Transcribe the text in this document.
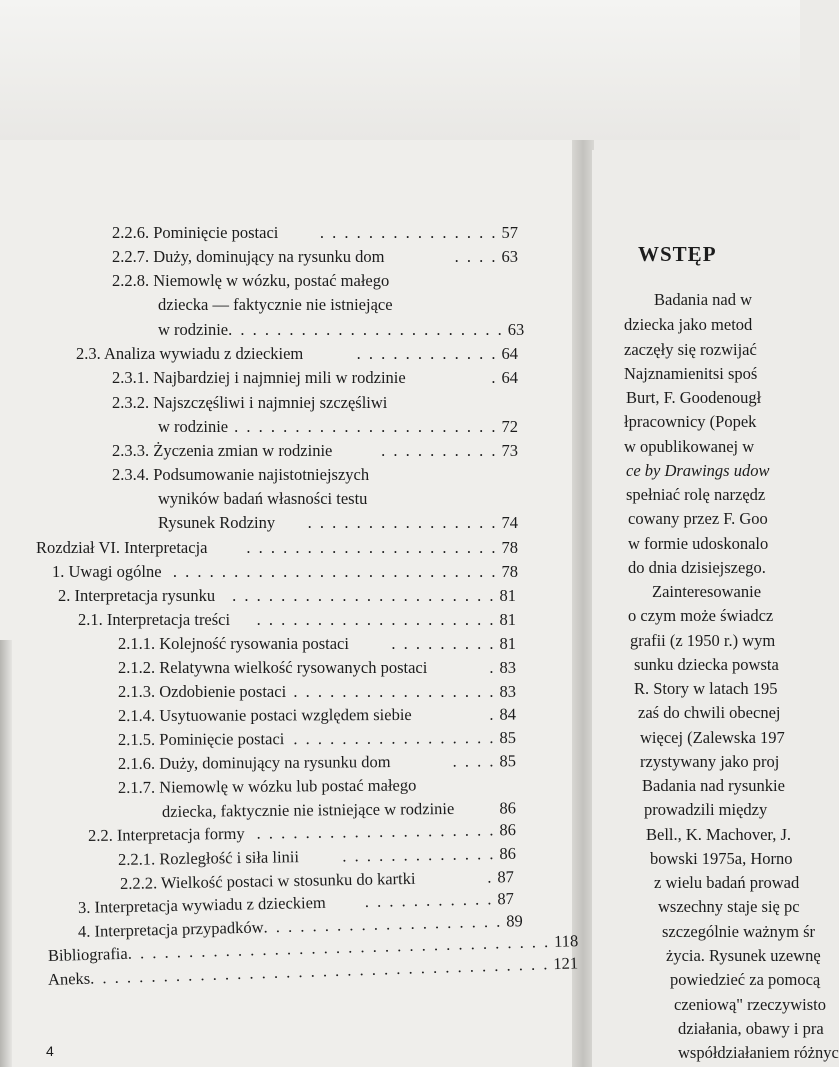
WSTĘP
Badania nad w
dziecka jako metod
zaczęły się rozwijać
Najznamienitsi spoś
Burt, F. Goodenougł
łpracownicy (Popek
w opublikowanej w
ce by Drawings udow
spełniać rolę narzędz
cowany przez F. Goo
w formie udoskonalo
do dnia dzisiejszego.
Zainteresowanie
o czym może świadcz
grafii (z 1950 r.) wym
sunku dziecka powsta
R. Story w latach 195
zaś do chwili obecnej
więcej (Zalewska 197
rzystywany jako proj
Badania nad rysunkie
prowadzili między
Bell., K. Machover, J.
bowski 1975a, Horno
z wielu badań prowad
wszechny staje się pc
szczególnie ważnym śr
życia. Rysunek uzewnę
powiedzieć za pomocą
czeniową" rzeczywisto
działania, obawy i pra
współdziałaniem różnyc
2.2.6. Pominięcie postaci	. . . . . . . . . . . . . . . 57
2.2.7. Duży, dominujący na rysunku dom	. . . . 63
2.2.8. Niemowlę w wózku, postać małego
dziecka — faktycznie nie istniejące
w rodzinie . . . . . . . . . . . . . . . . . . . . . . . 63
2.3. Analiza wywiadu z dzieckiem	. . . . . . . . . . . . 64
2.3.1. Najbardziej i najmniej mili w rodzinie	. 64
2.3.2. Najszczęśliwi i najmniej szczęśliwi
w rodzinie . . . . . . . . . . . . . . . . . . . . . . 72
2.3.3. Życzenia zmian w rodzinie	. . . . . . . . . . 73
2.3.4. Podsumowanie najistotniejszych
wyników badań własności testu
Rysunek Rodziny	. . . . . . . . . . . . . . . . 74
Rozdział VI. Interpretacja	. . . . . . . . . . . . . . . . . . . . . 78
1. Uwagi ogólne . . . . . . . . . . . . . . . . . . . . . . . . . . . 78
2. Interpretacja rysunku	. . . . . . . . . . . . . . . . . . . . . . 81
2.1. Interpretacja treści	. . . . . . . . . . . . . . . . . . . . 81
2.1.1. Kolejność rysowania postaci	. . . . . . . . . 81
2.1.2. Relatywna wielkość rysowanych postaci	. 83
2.1.3. Ozdobienie postaci . . . . . . . . . . . . . . . . . 83
2.1.4. Usytuowanie postaci względem siebie	. 84
2.1.5. Pominięcie postaci . . . . . . . . . . . . . . . . . 85
2.1.6. Duży, dominujący na rysunku dom	. . . . 85
2.1.7. Niemowlę w wózku lub postać małego
dziecka, faktycznie nie istniejące w rodzinie	86
2.2. Interpretacja formy . . . . . . . . . . . . . . . . . . . . 86
2.2.1. Rozległość i siła linii	. . . . . . . . . . . . . 86
2.2.2. Wielkość postaci w stosunku do kartki	. 87
3. Interpretacja wywiadu z dzieckiem	. . . . . . . . . . . 87
4. Interpretacja przypadków . . . . . . . . . . . . . . . . . . . . 89
Bibliografia . . . . . . . . . . . . . . . . . . . . . . . . . . . . . . . . . . . 118
Aneks . . . . . . . . . . . . . . . . . . . . . . . . . . . . . . . . . . . . . . 121
4
